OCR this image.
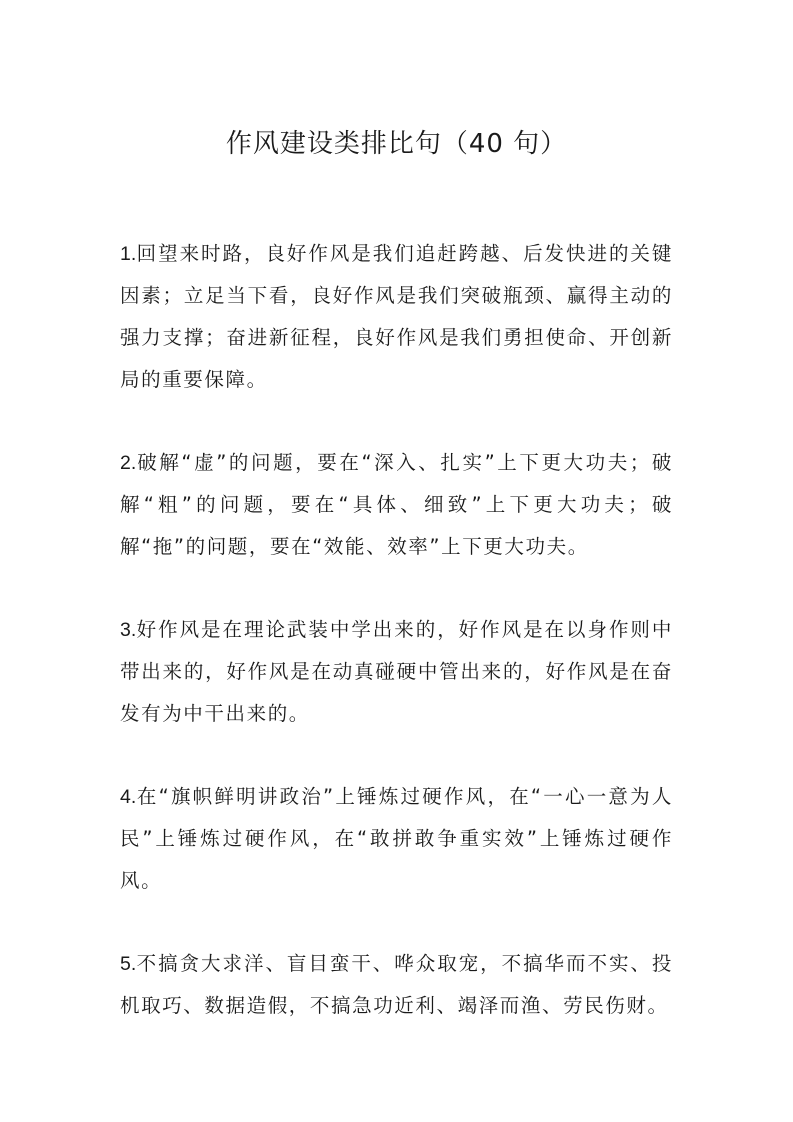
作风建设类排比句（40 句）

1.回望来时路，良好作风是我们追赶跨越、后发快进的关键因素；立足当下看，良好作风是我们突破瓶颈、赢得主动的强力支撑；奋进新征程，良好作风是我们勇担使命、开创新局的重要保障。

2.破解“虚”的问题，要在“深入、扎实”上下更大功夫；破解“粗”的问题，要在“具体、细致”上下更大功夫；破解“拖”的问题，要在“效能、效率”上下更大功夫。

3.好作风是在理论武装中学出来的，好作风是在以身作则中带出来的，好作风是在动真碰硬中管出来的，好作风是在奋发有为中干出来的。

4.在“旗帜鲜明讲政治”上锤炼过硬作风，在“一心一意为人民”上锤炼过硬作风，在“敢拼敢争重实效”上锤炼过硬作风。

5.不搞贪大求洋、盲目蛮干、哗众取宠，不搞华而不实、投机取巧、数据造假，不搞急功近利、竭泽而渔、劳民伤财。
